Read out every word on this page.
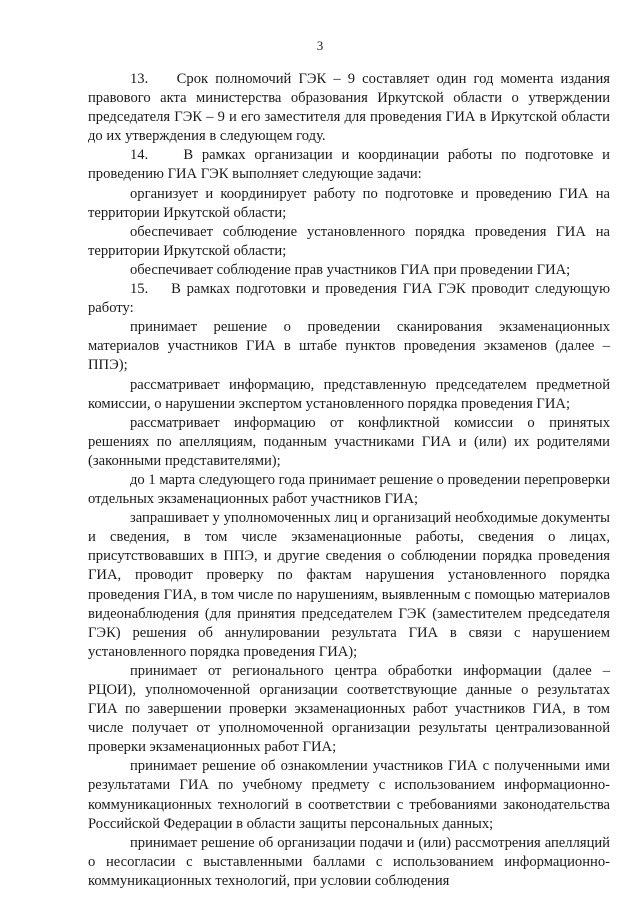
3

13.    Срок полномочий ГЭК – 9 составляет один год момента издания правового акта министерства образования Иркутской области о утверждении председателя ГЭК – 9 и его заместителя для проведения ГИА в Иркутской области до их утверждения в следующем году.

14.    В рамках организации и координации работы по подготовке и проведению ГИА ГЭК выполняет следующие задачи:

организует и координирует работу по подготовке и проведению ГИА на территории Иркутской области;

обеспечивает соблюдение установленного порядка проведения ГИА на территории Иркутской области;

обеспечивает соблюдение прав участников ГИА при проведении ГИА;

15.    В рамках подготовки и проведения ГИА ГЭК проводит следующую работу:

принимает решение о проведении сканирования экзаменационных материалов участников ГИА в штабе пунктов проведения экзаменов (далее – ППЭ);

рассматривает информацию, представленную председателем предметной комиссии, о нарушении экспертом установленного порядка проведения ГИА;

рассматривает информацию от конфликтной комиссии о принятых решениях по апелляциям, поданным участниками ГИА и (или) их родителями (законными представителями);

до 1 марта следующего года принимает решение о проведении перепроверки отдельных экзаменационных работ участников ГИА;

запрашивает у уполномоченных лиц и организаций необходимые документы и сведения, в том числе экзаменационные работы, сведения о лицах, присутствовавших в ППЭ, и другие сведения о соблюдении порядка проведения ГИА, проводит проверку по фактам нарушения установленного порядка проведения ГИА, в том числе по нарушениям, выявленным с помощью материалов видеонаблюдения (для принятия председателем ГЭК (заместителем председателя ГЭК) решения об аннулировании результата ГИА в связи с нарушением установленного порядка проведения ГИА);

принимает от регионального центра обработки информации (далее – РЦОИ), уполномоченной организации соответствующие данные о результатах ГИА по завершении проверки экзаменационных работ участников ГИА, в том числе получает от уполномоченной организации результаты централизованной проверки экзаменационных работ ГИА;

принимает решение об ознакомлении участников ГИА с полученными ими результатами ГИА по учебному предмету с использованием информационно-коммуникационных технологий в соответствии с требованиями законодательства Российской Федерации в области защиты персональных данных;

принимает решение об организации подачи и (или) рассмотрения апелляций о несогласии с выставленными баллами с использованием информационно-коммуникационных технологий, при условии соблюдения
